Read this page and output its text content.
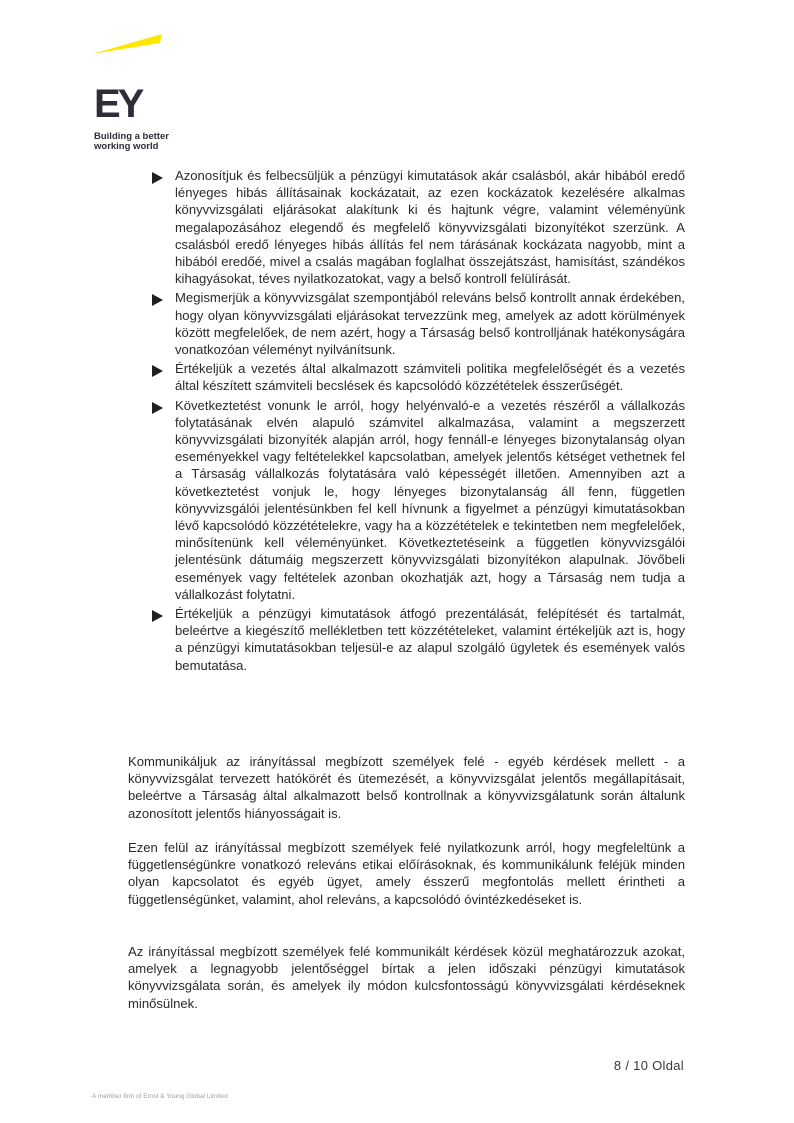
EY
Building a better
working world
Azonosítjuk és felbecsüljük a pénzügyi kimutatások akár csalásból, akár hibából eredő lényeges hibás állításainak kockázatait, az ezen kockázatok kezelésére alkalmas könyvvizsgálati eljárásokat alakítunk ki és hajtunk végre, valamint véleményünk megalapozásához elegendő és megfelelő könyvvizsgálati bizonyítékot szerzünk. A csalásból eredő lényeges hibás állítás fel nem tárásának kockázata nagyobb, mint a hibából eredőé, mivel a csalás magában foglalhat összejátszást, hamisítást, szándékos kihagyásokat, téves nyilatkozatokat, vagy a belső kontroll felülírását.
Megismerjük a könyvvizsgálat szempontjából releváns belső kontrollt annak érdekében, hogy olyan könyvvizsgálati eljárásokat tervezzünk meg, amelyek az adott körülmények között megfelelőek, de nem azért, hogy a Társaság belső kontrolljának hatékonyságára vonatkozóan véleményt nyilvánítsunk.
Értékeljük a vezetés által alkalmazott számviteli politika megfelelőségét és a vezetés által készített számviteli becslések és kapcsolódó közzétételek ésszerűségét.
Következtetést vonunk le arról, hogy helyénvaló-e a vezetés részéről a vállalkozás folytatásának elvén alapuló számvitel alkalmazása, valamint a megszerzett könyvvizsgálati bizonyíték alapján arról, hogy fennáll-e lényeges bizonytalanság olyan eseményekkel vagy feltételekkel kapcsolatban, amelyek jelentős kétséget vethetnek fel a Társaság vállalkozás folytatására való képességét illetően. Amennyiben azt a következtetést vonjuk le, hogy lényeges bizonytalanság áll fenn, független könyvvizsgálói jelentésünkben fel kell hívnunk a figyelmet a pénzügyi kimutatásokban lévő kapcsolódó közzétételekre, vagy ha a közzétételek e tekintetben nem megfelelőek, minősítenünk kell véleményünket. Következtetéseink a független könyvvizsgálói jelentésünk dátumáig megszerzett könyvvizsgálati bizonyítékon alapulnak. Jövőbeli események vagy feltételek azonban okozhatják azt, hogy a Társaság nem tudja a vállalkozást folytatni.
Értékeljük a pénzügyi kimutatások átfogó prezentálását, felépítését és tartalmát, beleértve a kiegészítő mellékletben tett közzétételeket, valamint értékeljük azt is, hogy a pénzügyi kimutatásokban teljesül-e az alapul szolgáló ügyletek és események valós bemutatása.

Kommunikáljuk az irányítással megbízott személyek felé - egyéb kérdések mellett - a könyvvizsgálat tervezett hatókörét és ütemezését, a könyvvizsgálat jelentős megállapításait, beleértve a Társaság által alkalmazott belső kontrollnak a könyvvizsgálatunk során általunk azonosított jelentős hiányosságait is.

Ezen felül az irányítással megbízott személyek felé nyilatkozunk arról, hogy megfeleltünk a függetlenségünkre vonatkozó releváns etikai előírásoknak, és kommunikálunk feléjük minden olyan kapcsolatot és egyéb ügyet, amely ésszerű megfontolás mellett érintheti a függetlenségünket, valamint, ahol releváns, a kapcsolódó óvintézkedéseket is.

Az irányítással megbízott személyek felé kommunikált kérdések közül meghatározzuk azokat, amelyek a legnagyobb jelentőséggel bírtak a jelen időszaki pénzügyi kimutatások könyvvizsgálata során, és amelyek ily módon kulcsfontosságú könyvvizsgálati kérdéseknek minősülnek.

8 / 10 Oldal
A member firm of Ernst & Young Global Limited
